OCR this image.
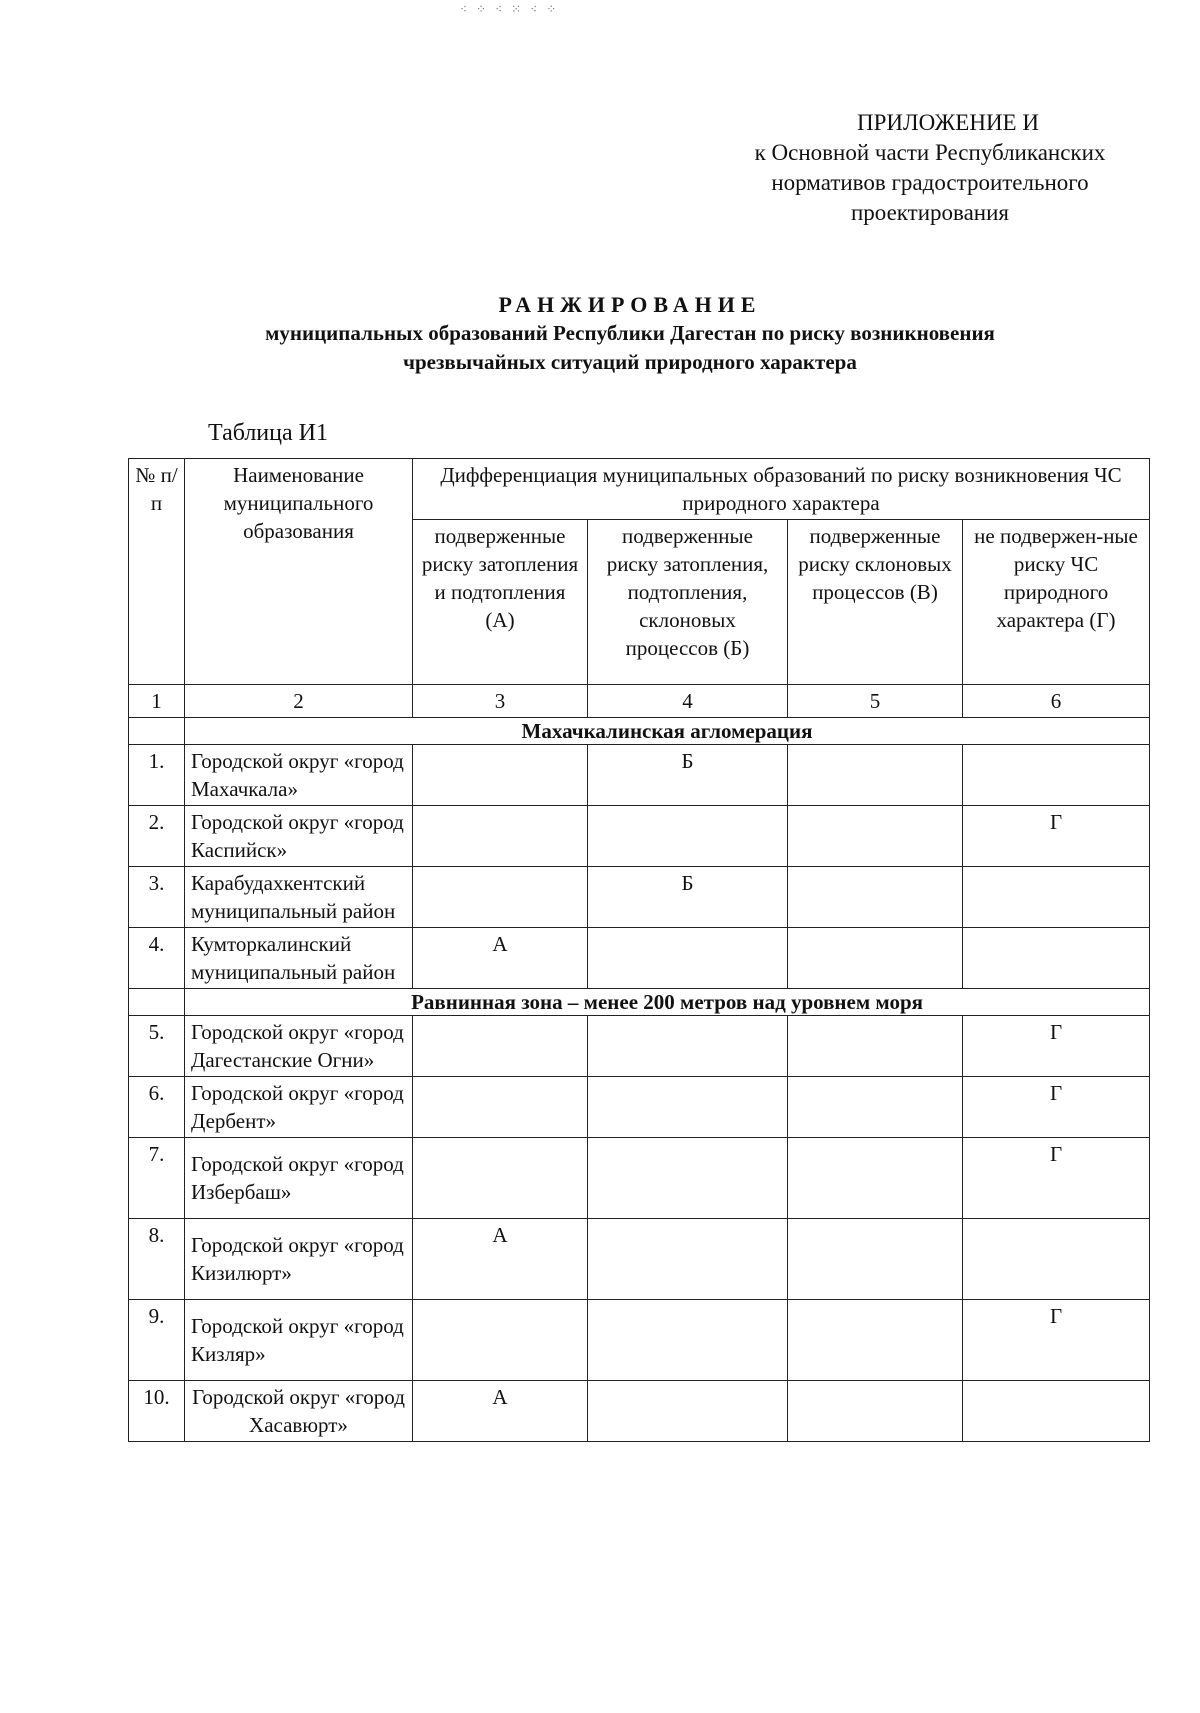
⁖ ⁘ ⁖ ⁙ ⁖ ⁘
ПРИЛОЖЕНИЕ И
к Основной части Республиканских
нормативов градостроительного
проектирования
РАНЖИРОВАНИЕ
муниципальных образований Республики Дагестан по риску возникновения
чрезвычайных ситуаций природного характера
Таблица И1
№ п/п	Наименование муниципального образования	Дифференциация муниципальных образований по риску возникновения ЧС природного характера			
		подверженные риску затопления и подтопления (А)	подверженные риску затопления, подтопления, склоновых процессов (Б)	подверженные риску склоновых процессов (В)	не подвержен-ные риску ЧС природного характера (Г)
1	2	3	4	5	6
	Махачкалинская агломерация				
1.	Городской округ «город Махачкала»		Б		
2.	Городской округ «город Каспийск»				Г
3.	Карабудахкентский муниципальный район		Б		
4.	Кумторкалинский муниципальный район	А			
	Равнинная зона – менее 200 метров над уровнем моря				
5.	Городской округ «город Дагестанские Огни»				Г
6.	Городской округ «город Дербент»				Г
7.	Городской округ «город Избербаш»				Г
8.	Городской округ «город Кизилюрт»	А			
9.	Городской округ «город Кизляр»				Г
10.	Городской округ «город Хасавюрт»	А			
